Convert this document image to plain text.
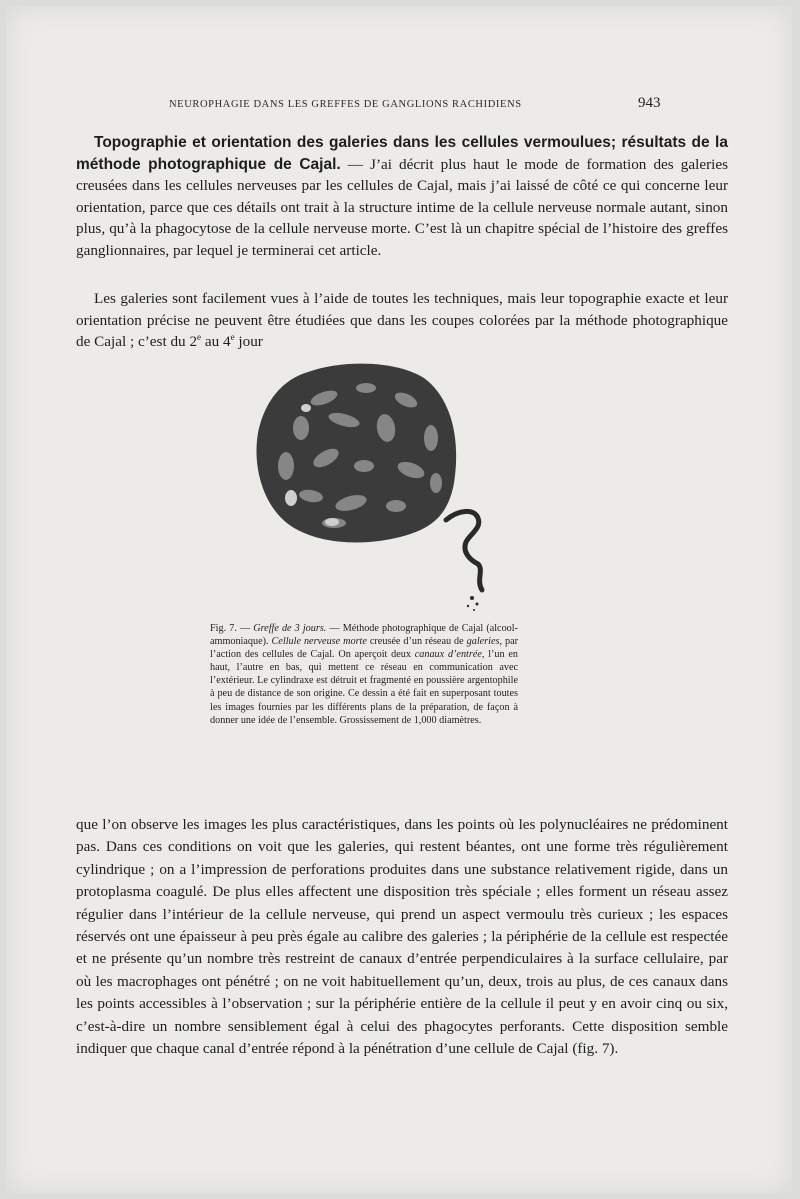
NEUROPHAGIE DANS LES GREFFES DE GANGLIONS RACHIDIENS	943

Topographie et orientation des galeries dans les cellules vermoulues; résultats de la méthode photographique de Cajal. — J’ai décrit plus haut le mode de formation des galeries creusées dans les cellules nerveuses par les cellules de Cajal, mais j’ai laissé de côté ce qui concerne leur orientation, parce que ces détails ont trait à la structure intime de la cellule nerveuse normale autant, sinon plus, qu’à la phagocytose de la cellule nerveuse morte. C’est là un chapitre spécial de l’histoire des greffes ganglionnaires, par lequel je terminerai cet article.

Les galeries sont facilement vues à l’aide de toutes les techniques, mais leur topographie exacte et leur orientation précise ne peuvent être étudiées que dans les coupes colorées par la méthode photographique de Cajal ; c’est du 2e au 4e jour

Fig. 7. — Greffe de 3 jours. — Méthode photographique de Cajal (alcool-ammoniaque). Cellule nerveuse morte creusée d’un réseau de galeries, par l’action des cellules de Cajal. On aperçoit deux canaux d’entrée, l’un en haut, l’autre en bas, qui mettent ce réseau en communication avec l’extérieur. Le cylindraxe est détruit et fragmenté en poussière argentophile à peu de distance de son origine. Ce dessin a été fait en superposant toutes les images fournies par les différents plans de la préparation, de façon à donner une idée de l’ensemble. Grossissement de 1,000 diamètres.

que l’on observe les images les plus caractéristiques, dans les points où les polynucléaires ne prédominent pas. Dans ces conditions on voit que les galeries, qui restent béantes, ont une forme très régulièrement cylindrique ; on a l’impression de perforations produites dans une substance relativement rigide, dans un protoplasma coagulé. De plus elles affectent une disposition très spéciale ; elles forment un réseau assez régulier dans l’intérieur de la cellule nerveuse, qui prend un aspect vermoulu très curieux ; les espaces réservés ont une épaisseur à peu près égale au calibre des galeries ; la périphérie de la cellule est respectée et ne présente qu’un nombre très restreint de canaux d’entrée perpendiculaires à la surface cellulaire, par où les macrophages ont pénétré ; on ne voit habituellement qu’un, deux, trois au plus, de ces canaux dans les points accessibles à l’observation ; sur la périphérie entière de la cellule il peut y en avoir cinq ou six, c’est-à-dire un nombre sensiblement égal à celui des phagocytes perforants. Cette disposition semble indiquer que chaque canal d’entrée répond à la pénétration d’une cellule de Cajal (fig. 7).
